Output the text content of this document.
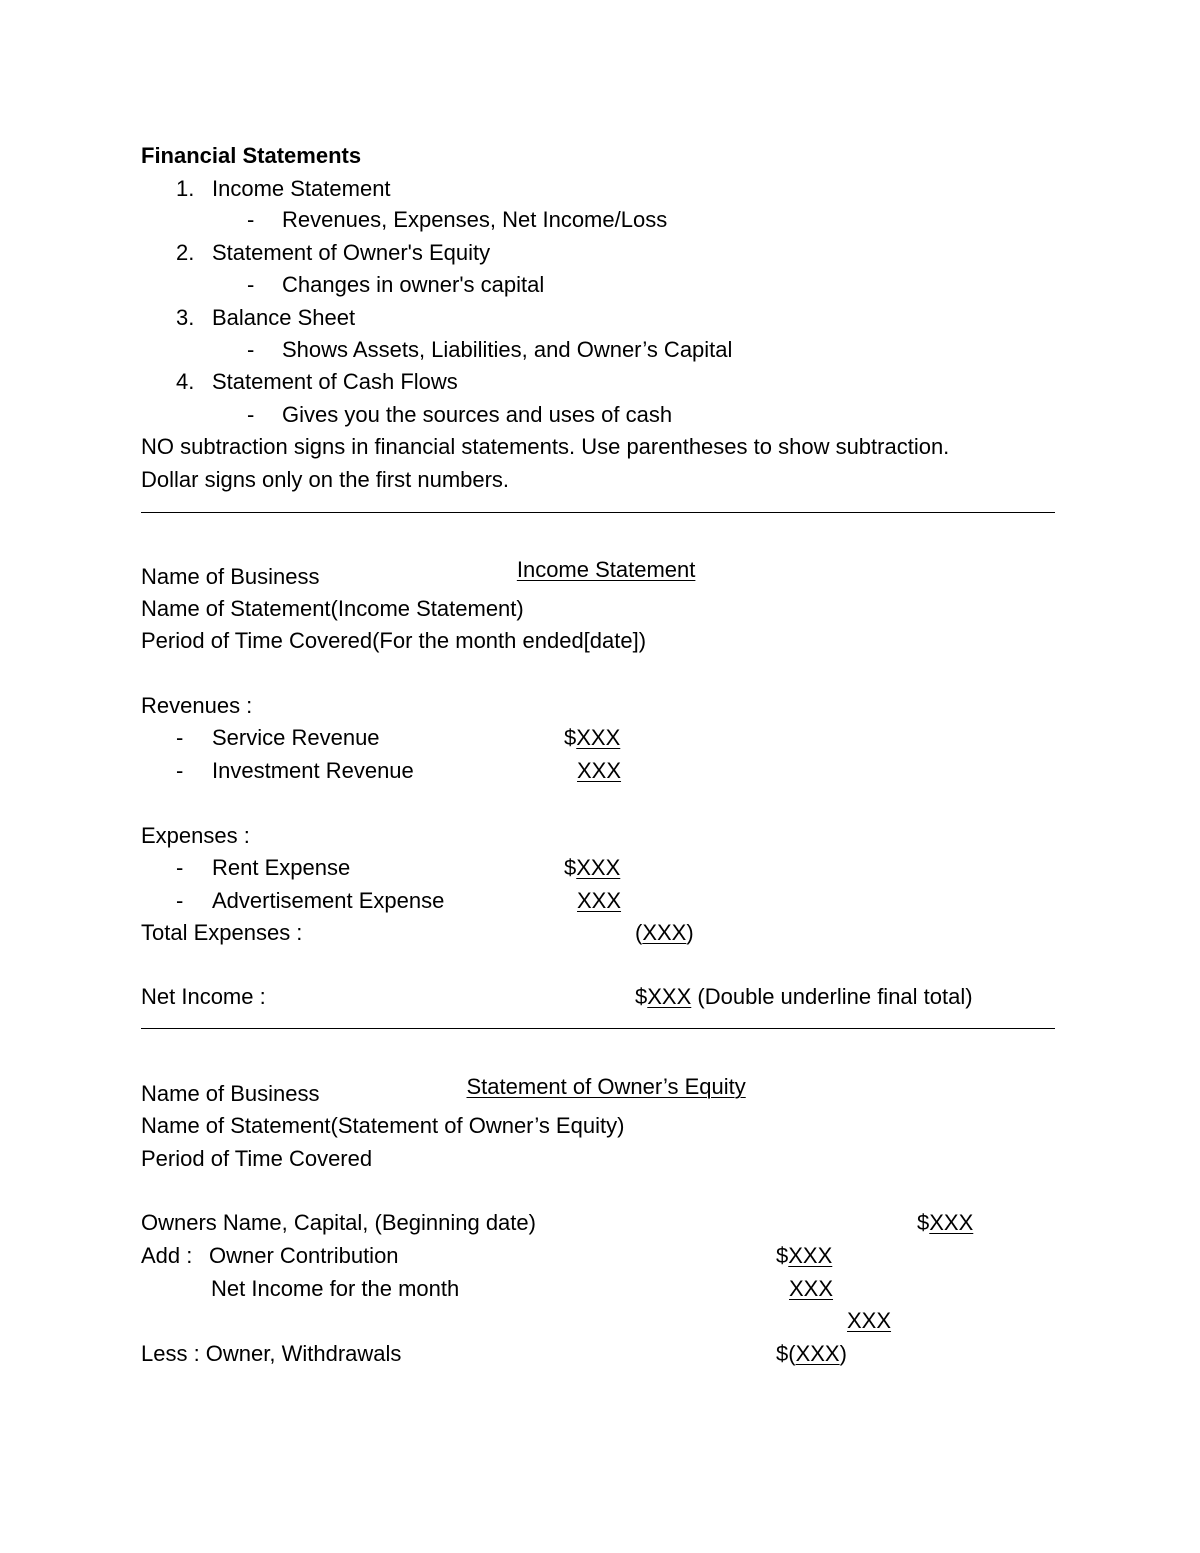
Financial Statements
1. Income Statement
- Revenues, Expenses, Net Income/Loss
2. Statement of Owner's Equity
- Changes in owner's capital
3. Balance Sheet
- Shows Assets, Liabilities, and Owner’s Capital
4. Statement of Cash Flows
- Gives you the sources and uses of cash
NO subtraction signs in financial statements. Use parentheses to show subtraction.
Dollar signs only on the first numbers.

Income Statement

Name of Business
Name of Statement(Income Statement)
Period of Time Covered(For the month ended[date])
Revenues :
- Service Revenue	$XXX
- Investment Revenue	XXX
Expenses :
- Rent Expense	$XXX
- Advertisement Expense	XXX
Total Expenses :	(XXX)
Net Income :	$XXX (Double underline final total)

Statement of Owner’s Equity

Name of Business
Name of Statement(Statement of Owner’s Equity)
Period of Time Covered
Owners Name, Capital, (Beginning date)	$XXX
Add : Owner Contribution	$XXX
Net Income for the month	XXX
XXX
Less : Owner, Withdrawals	$(XXX)
